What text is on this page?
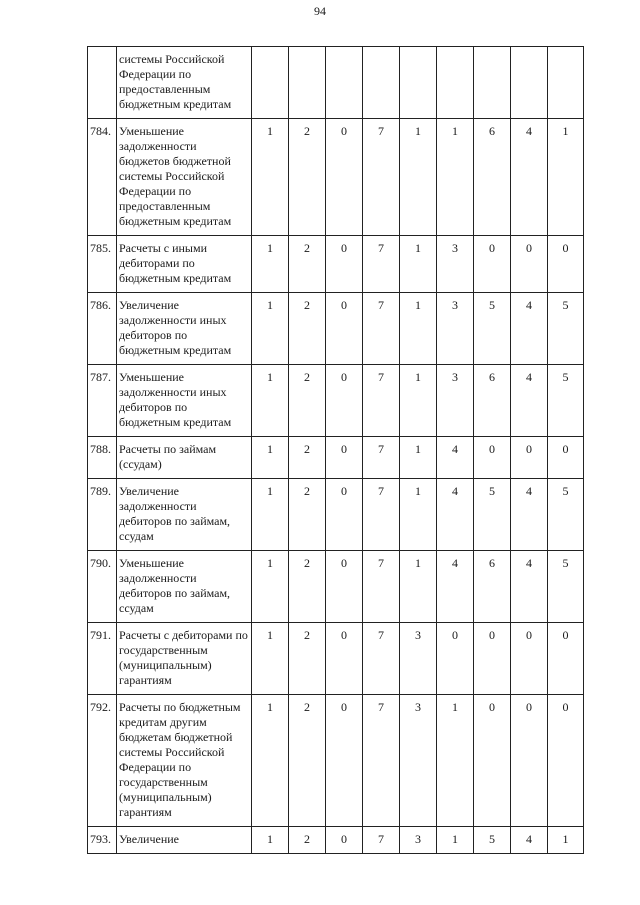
94
	системы Российской Федерации по предоставленным бюджетным кредитам									
784.	Уменьшение задолженности бюджетов бюджетной системы Российской Федерации по предоставленным бюджетным кредитам	1	2	0	7	1	1	6	4	1
785.	Расчеты с иными дебиторами по бюджетным кредитам	1	2	0	7	1	3	0	0	0
786.	Увеличение задолженности иных дебиторов по бюджетным кредитам	1	2	0	7	1	3	5	4	5
787.	Уменьшение задолженности иных дебиторов по бюджетным кредитам	1	2	0	7	1	3	6	4	5
788.	Расчеты по займам (ссудам)	1	2	0	7	1	4	0	0	0
789.	Увеличение задолженности дебиторов по займам, ссудам	1	2	0	7	1	4	5	4	5
790.	Уменьшение задолженности дебиторов по займам, ссудам	1	2	0	7	1	4	6	4	5
791.	Расчеты с дебиторами по государственным (муниципальным) гарантиям	1	2	0	7	3	0	0	0	0
792.	Расчеты по бюджетным кредитам другим бюджетам бюджетной системы Российской Федерации по государственным (муниципальным) гарантиям	1	2	0	7	3	1	0	0	0
793.	Увеличение	1	2	0	7	3	1	5	4	1
